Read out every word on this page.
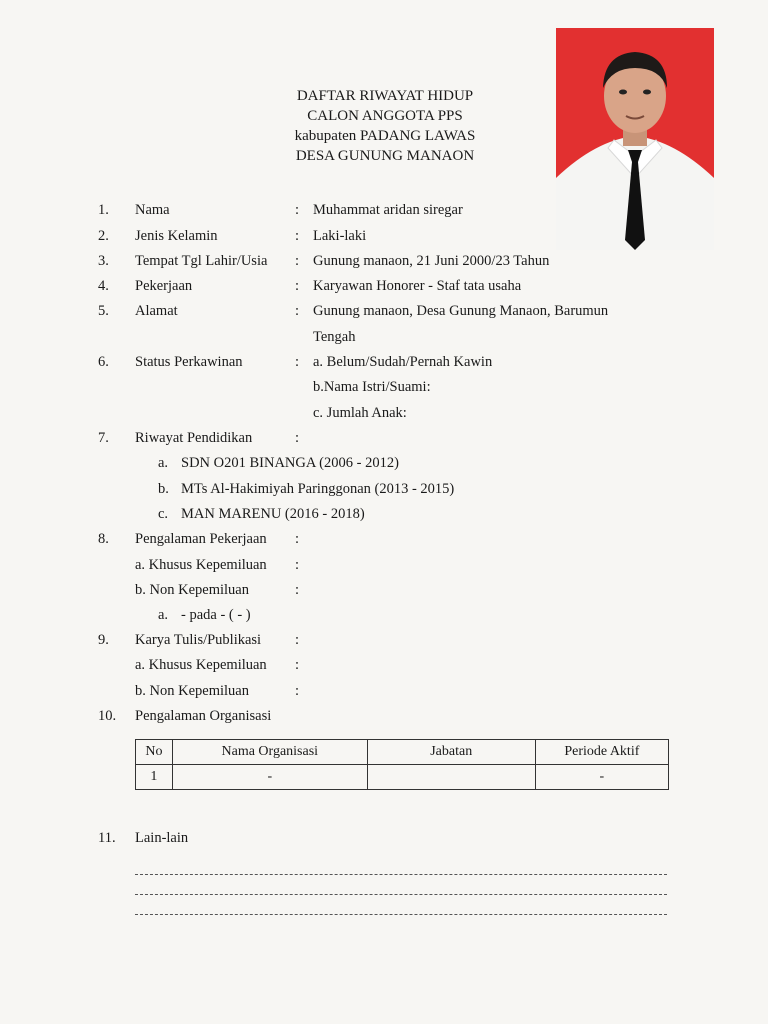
DAFTAR RIWAYAT HIDUP
CALON ANGGOTA PPS
kabupaten PADANG LAWAS
DESA GUNUNG MANAON
1. Nama	: Muhammat aridan siregar
2. Jenis Kelamin	: Laki-laki
3. Tempat Tgl Lahir/Usia : Gunung manaon, 21 Juni 2000/23 Tahun
4. Pekerjaan	: Karyawan Honorer - Staf tata usaha
5. Alamat	: Gunung manaon, Desa Gunung Manaon, Barumun
Tengah
6. Status Perkawinan	: a. Belum/Sudah/Pernah Kawin
b.Nama Istri/Suami:
c. Jumlah Anak:
7. Riwayat Pendidikan	:
a. SDN O201 BINANGA (2006 - 2012)
b. MTs Al-Hakimiyah Paringgonan (2013 - 2015)
c. MAN MARENU (2016 - 2018)
8. Pengalaman Pekerjaan :
a. Khusus Kepemiluan :
b. Non Kepemiluan	:
a. - pada - ( - )
9. Karya Tulis/Publikasi :
a. Khusus Kepemiluan :
b. Non Kepemiluan	:
10. Pengalaman Organisasi
No	Nama Organisasi	Jabatan	Periode Aktif
1	-		-
11. Lain-lain
